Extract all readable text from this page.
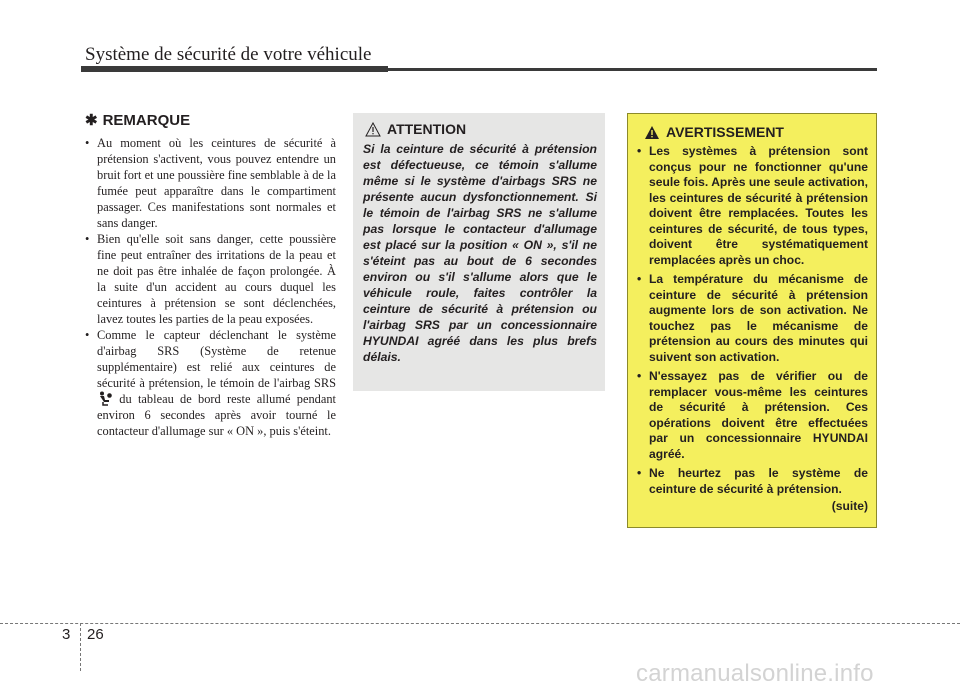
Système de sécurité de votre véhicule
✱ REMARQUE
• Au moment où les ceintures de sécurité à prétension s'activent, vous pouvez entendre un bruit fort et une poussière fine semblable à de la fumée peut apparaître dans le compartiment passager. Ces manifestations sont normales et sans danger.
• Bien qu'elle soit sans danger, cette poussière fine peut entraîner des irritations de la peau et ne doit pas être inhalée de façon prolongée. À la suite d'un accident au cours duquel les ceintures à prétension se sont déclenchées, lavez toutes les parties de la peau exposées.
• Comme le capteur déclenchant le système d'airbag SRS (Système de retenue supplémentaire) est relié aux ceintures de sécurité à prétension, le témoin de l'airbag SRS  du tableau de bord reste allumé pendant environ 6 secondes après avoir tourné le contacteur d'allumage sur « ON », puis s'éteint.
ATTENTION

Si la ceinture de sécurité à prétension est défectueuse, ce témoin s'allume même si le système d'airbags SRS ne présente aucun dysfonctionnement. Si le témoin de l'airbag SRS ne s'allume pas lorsque le contacteur d'allumage est placé sur la position « ON », s'il ne s'éteint pas au bout de 6 secondes environ ou s'il s'allume alors que le véhicule roule, faites contrôler la ceinture de sécurité à prétension ou l'airbag SRS par un concessionnaire HYUNDAI agréé dans les plus brefs délais.

AVERTISSEMENT
• Les systèmes à prétension sont conçus pour ne fonctionner qu'une seule fois. Après une seule activation, les ceintures de sécurité à prétension doivent être remplacées. Toutes les ceintures de sécurité, de tous types, doivent être systématiquement remplacées après un choc.
• La température du mécanisme de ceinture de sécurité à prétension augmente lors de son activation. Ne touchez pas le mécanisme de prétension au cours des minutes qui suivent son activation.
• N'essayez pas de vérifier ou de remplacer vous-même les ceintures de sécurité à prétension. Ces opérations doivent être effectuées par un concessionnaire HYUNDAI agréé.
• Ne heurtez pas le système de ceinture de sécurité à prétension.
(suite)
3 26
carmanualsonline.info
